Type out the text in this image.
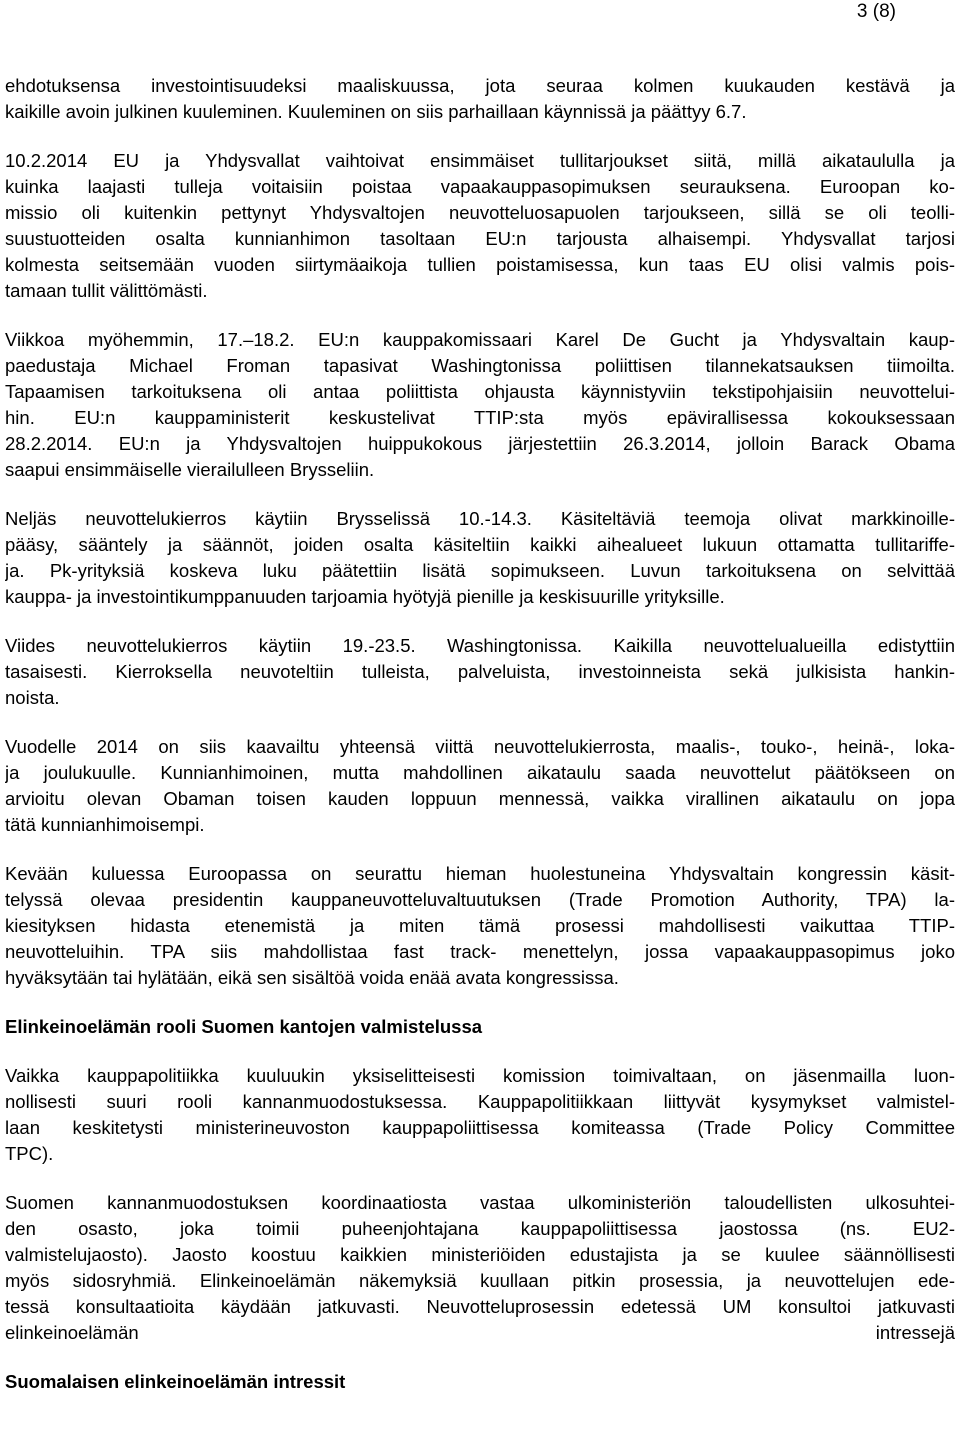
3 (8)
ehdotuksensa investointisuudeksi maaliskuussa, jota seuraa kolmen kuukauden kestävä ja
kaikille avoin julkinen kuuleminen. Kuuleminen on siis parhaillaan käynnissä ja päättyy 6.7.
10.2.2014 EU ja Yhdysvallat vaihtoivat ensimmäiset tullitarjoukset siitä, millä aikataululla ja
kuinka laajasti tulleja voitaisiin poistaa vapaakauppasopimuksen seurauksena. Euroopan ko-
missio oli kuitenkin pettynyt Yhdysvaltojen neuvotteluosapuolen tarjoukseen, sillä se oli teolli-
suustuotteiden osalta kunnianhimon tasoltaan EU:n tarjousta alhaisempi. Yhdysvallat tarjosi
kolmesta seitsemään vuoden siirtymäaikoja tullien poistamisessa, kun taas EU olisi valmis pois-
tamaan tullit välittömästi.
Viikkoa myöhemmin, 17.–18.2. EU:n kauppakomissaari Karel De Gucht ja Yhdysvaltain kaup-
paedustaja Michael Froman tapasivat Washingtonissa poliittisen tilannekatsauksen tiimoilta.
Tapaamisen tarkoituksena oli antaa poliittista ohjausta käynnistyviin tekstipohjaisiin neuvottelui-
hin. EU:n kauppaministerit keskustelivat TTIP:sta myös epävirallisessa kokouksessaan
28.2.2014. EU:n ja Yhdysvaltojen huippukokous järjestettiin 26.3.2014, jolloin Barack Obama
saapui ensimmäiselle vierailulleen Brysseliin.
Neljäs neuvottelukierros käytiin Brysselissä 10.-14.3. Käsiteltäviä teemoja olivat markkinoille-
pääsy, sääntely ja säännöt, joiden osalta käsiteltiin kaikki aihealueet lukuun ottamatta tullitariffe-
ja. Pk-yrityksiä koskeva luku päätettiin lisätä sopimukseen. Luvun tarkoituksena on selvittää
kauppa- ja investointikumppanuuden tarjoamia hyötyjä pienille ja keskisuurille yrityksille.
Viides neuvottelukierros käytiin 19.-23.5. Washingtonissa. Kaikilla neuvottelualueilla edistyttiin
tasaisesti. Kierroksella neuvoteltiin tulleista, palveluista, investoinneista sekä julkisista hankin-
noista.
Vuodelle 2014 on siis kaavailtu yhteensä viittä neuvottelukierrosta, maalis-, touko-, heinä-, loka-
ja joulukuulle. Kunnianhimoinen, mutta mahdollinen aikataulu saada neuvottelut päätökseen on
arvioitu olevan Obaman toisen kauden loppuun mennessä, vaikka virallinen aikataulu on jopa
tätä kunnianhimoisempi.
Kevään kuluessa Euroopassa on seurattu hieman huolestuneina Yhdysvaltain kongressin käsit-
telyssä olevaa presidentin kauppaneuvotteluvaltuutuksen (Trade Promotion Authority, TPA) la-
kiesityksen hidasta etenemistä ja miten tämä prosessi mahdollisesti vaikuttaa TTIP-
neuvotteluihin. TPA siis mahdollistaa fast track- menettelyn, jossa vapaakauppasopimus joko
hyväksytään tai hylätään, eikä sen sisältöä voida enää avata kongressissa.
Elinkeinoelämän rooli Suomen kantojen valmistelussa
Vaikka kauppapolitiikka kuuluukin yksiselitteisesti komission toimivaltaan, on jäsenmailla luon-
nollisesti suuri rooli kannanmuodostuksessa. Kauppapolitiikkaan liittyvät kysymykset valmistel-
laan keskitetysti ministerineuvoston kauppapoliittisessa komiteassa (Trade Policy Committee
TPC).
Suomen kannanmuodostuksen koordinaatiosta vastaa ulkoministeriön taloudellisten ulkosuhtei-
den osasto, joka toimii puheenjohtajana kauppapoliittisessa jaostossa (ns. EU2-
valmistelujaosto). Jaosto koostuu kaikkien ministeriöiden edustajista ja se kuulee säännöllisesti
myös sidosryhmiä. Elinkeinoelämän näkemyksiä kuullaan pitkin prosessia, ja neuvottelujen ede-
tessä konsultaatioita käydään jatkuvasti. Neuvotteluprosessin edetessä UM konsultoi jatkuvasti
elinkeinoelämän intressejä
Suomalaisen elinkeinoelämän intressit
